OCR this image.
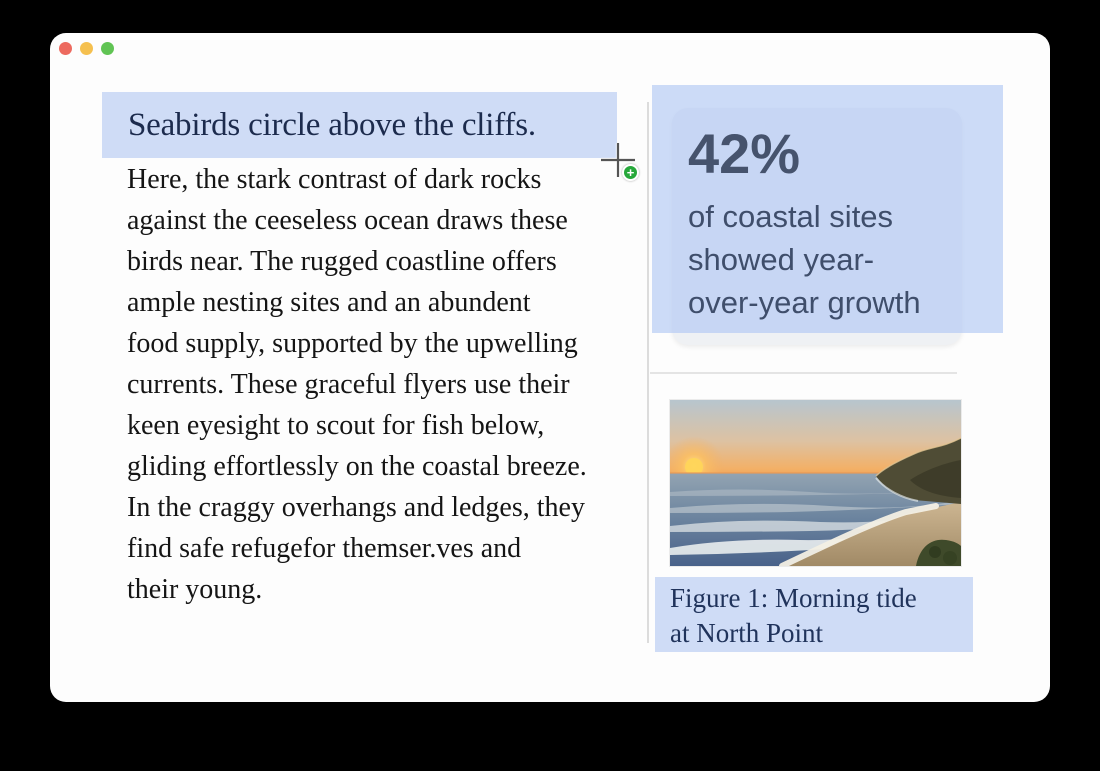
Seabirds circle above the cliffs.
Here, the stark contrast of dark rocks
against the ceeseless ocean draws these
birds near. The rugged coastline offers
ample nesting sites and an abundent
food supply, supported by the upwelling
currents. These graceful flyers use their
keen eyesight to scout for fish below,
gliding effortlessly on the coastal breeze.
In the craggy overhangs and ledges, they
find safe refugefor themser.ves and
their young.
42%
of coastal sites
showed year-
over-year growth
Figure 1: Morning tide
at North Point
+
